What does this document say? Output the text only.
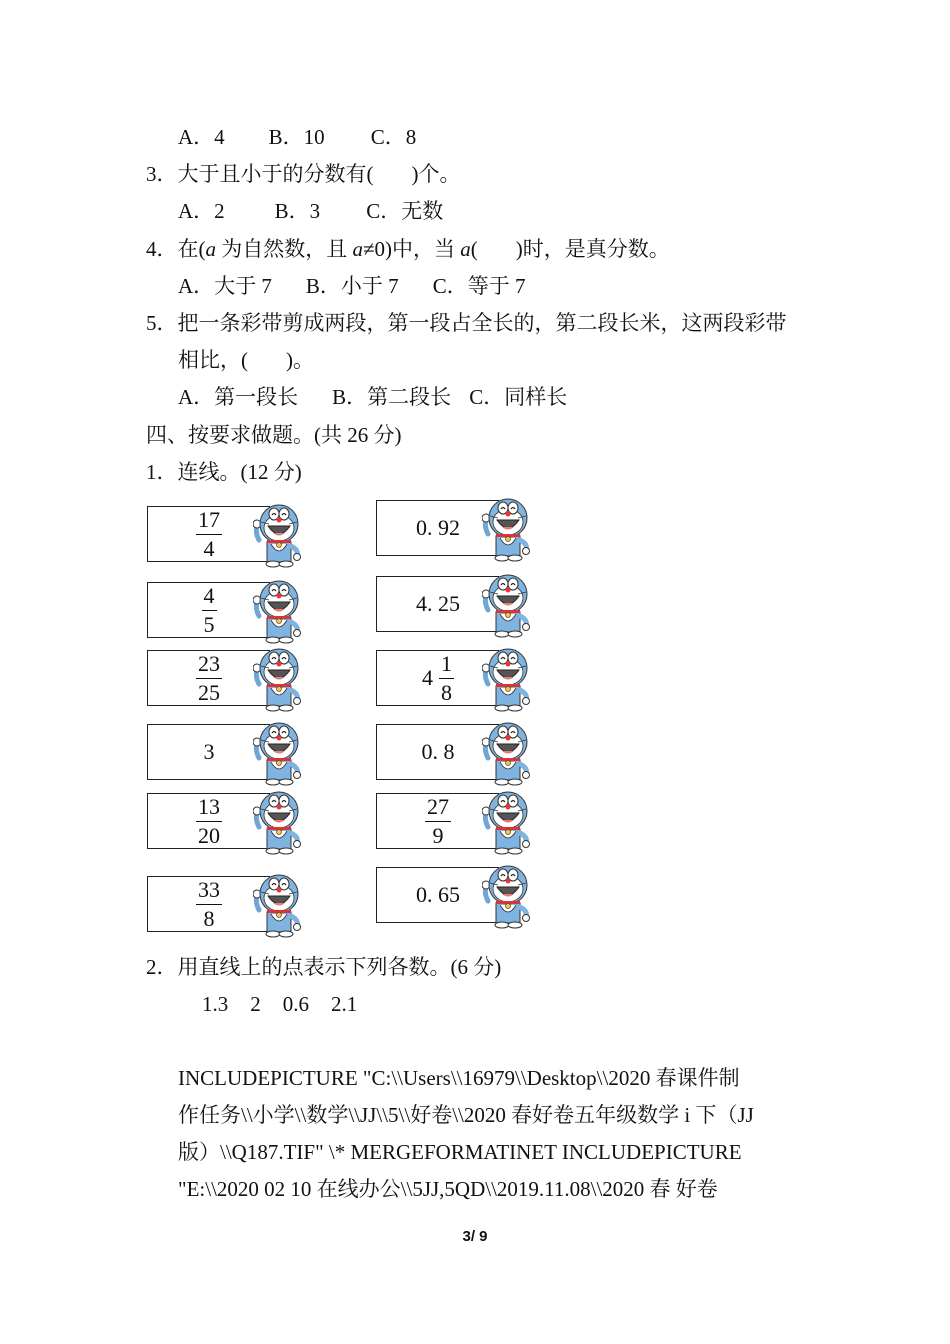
A．4 B．10 C．8
3．大于且小于的分数有( )个。
A．2 B．3 C．无数
4．在(a 为自然数，且 a≠0)中，当 a( )时，是真分数。
A．大于 7 B．小于 7 C．等于 7
5．把一条彩带剪成两段，第一段占全长的，第二段长米，这两段彩带
相比，( )。
A．第一段长 B．第二段长 C．同样长
四、按要求做题。(共 26 分)
1．连线。(12 分)
$\frac{17}{4}$
$\frac{4}{5}$
$\frac{23}{25}$
3
$\frac{13}{20}$
$\frac{33}{8}$
0. 92
4. 25
$4 \frac{1}{8}$
0. 8
$\frac{27}{9}$
0. 65
2．用直线上的点表示下列各数。(6 分)
1.3 2 0.6 2.1
INCLUDEPICTURE "C:\\Users\\16979\\Desktop\\2020 春课件制
作任务\\小学\\数学\\JJ\\5\\好卷\\2020 春好卷五年级数学 i 下（JJ
版）\\Q187.TIF" \* MERGEFORMATINET INCLUDEPICTURE
"E:\\2020 02 10 在线办公\\5JJ,5QD\\2019.11.08\\2020 春 好卷
3/ 9
